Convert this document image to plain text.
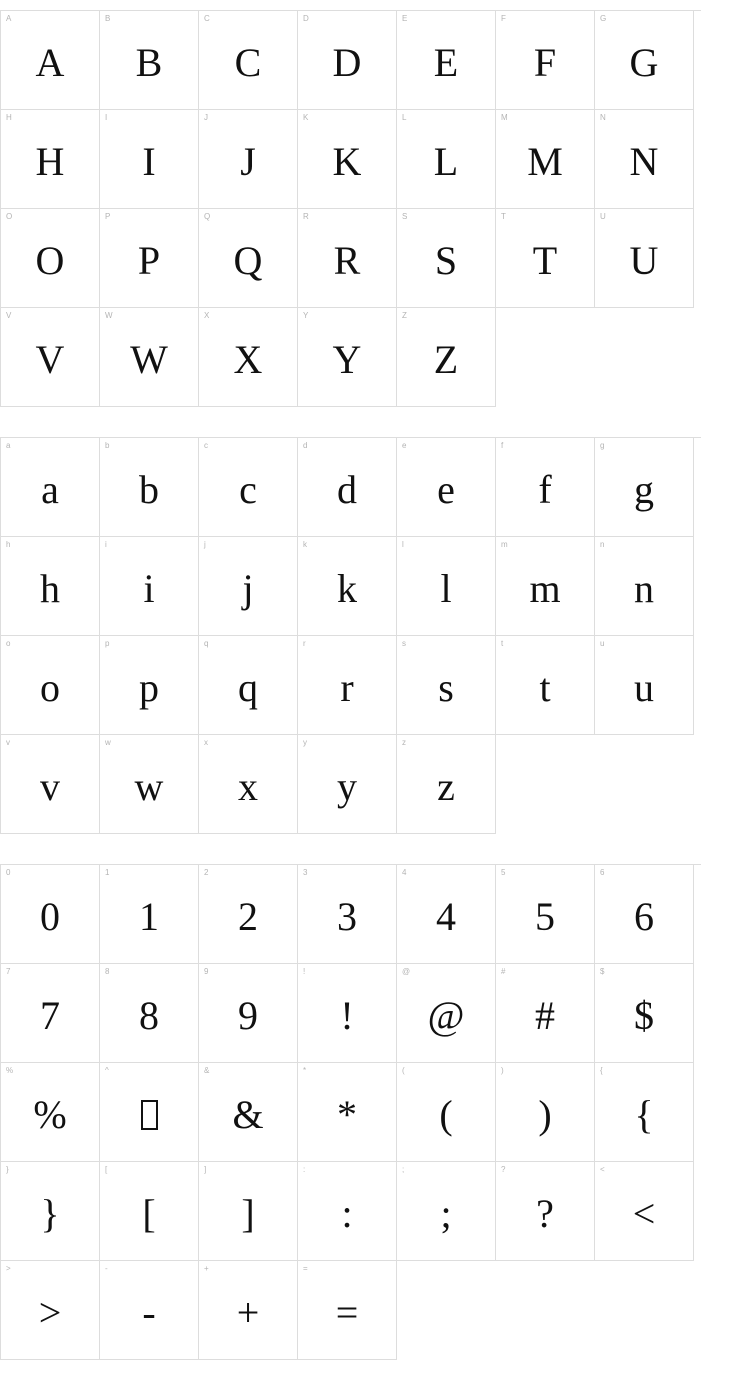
A
A
B
B
C
C
D
D
E
E
F
F
G
G
H
H
I
I
J
J
K
K
L
L
M
M
N
N
O
O
P
P
Q
Q
R
R
S
S
T
T
U
U
V
V
W
W
X
X
Y
Y
Z
Z
a
a
b
b
c
c
d
d
e
e
f
f
g
g
h
h
i
i
j
j
k
k
l
l
m
m
n
n
o
o
p
p
q
q
r
r
s
s
t
t
u
u
v
v
w
w
x
x
y
y
z
z
0
0
1
1
2
2
3
3
4
4
5
5
6
6
7
7
8
8
9
9
!
!
@
@
#
#
$
$
%
%
^	&
&
*
*
(
(
)
)
{
{
}
}
[
[
]
]
:
:
;
;
?
?
<
<
>
>
-
-
+
+
=
=
